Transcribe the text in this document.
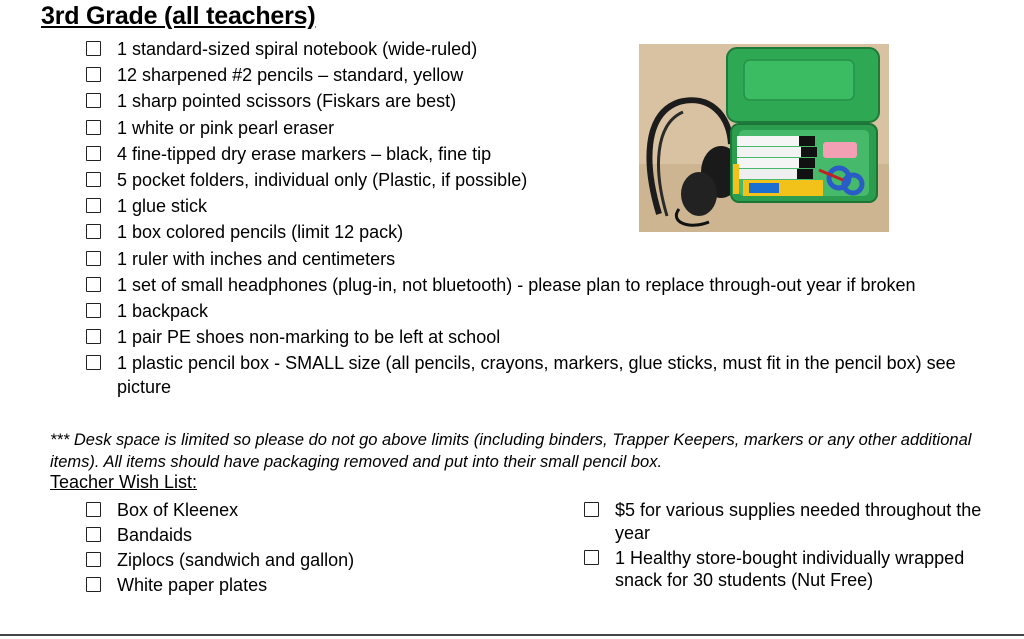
3rd Grade (all teachers)
1 standard-sized spiral notebook (wide-ruled)
12 sharpened #2 pencils – standard, yellow
1 sharp pointed scissors (Fiskars are best)
1 white or pink pearl eraser
4 fine-tipped dry erase markers – black, fine tip
5 pocket folders, individual only (Plastic, if possible)
1 glue stick
1 box colored pencils (limit 12 pack)
1 ruler with inches and centimeters
1 set of small headphones (plug-in, not bluetooth) - please plan to replace through-out year if broken
1 backpack
1 pair PE shoes non-marking to be left at school
1 plastic pencil box - SMALL size (all pencils, crayons, markers, glue sticks, must fit in the pencil box) see picture
*** Desk space is limited so please do not go above limits (including binders, Trapper Keepers, markers or any other additional items). All items should have packaging removed and put into their small pencil box.
Teacher Wish List:
Box of Kleenex
Bandaids
Ziplocs (sandwich and gallon)
White paper plates
$5 for various supplies needed throughout the year
1 Healthy store-bought individually wrapped snack for 30 students (Nut Free)
